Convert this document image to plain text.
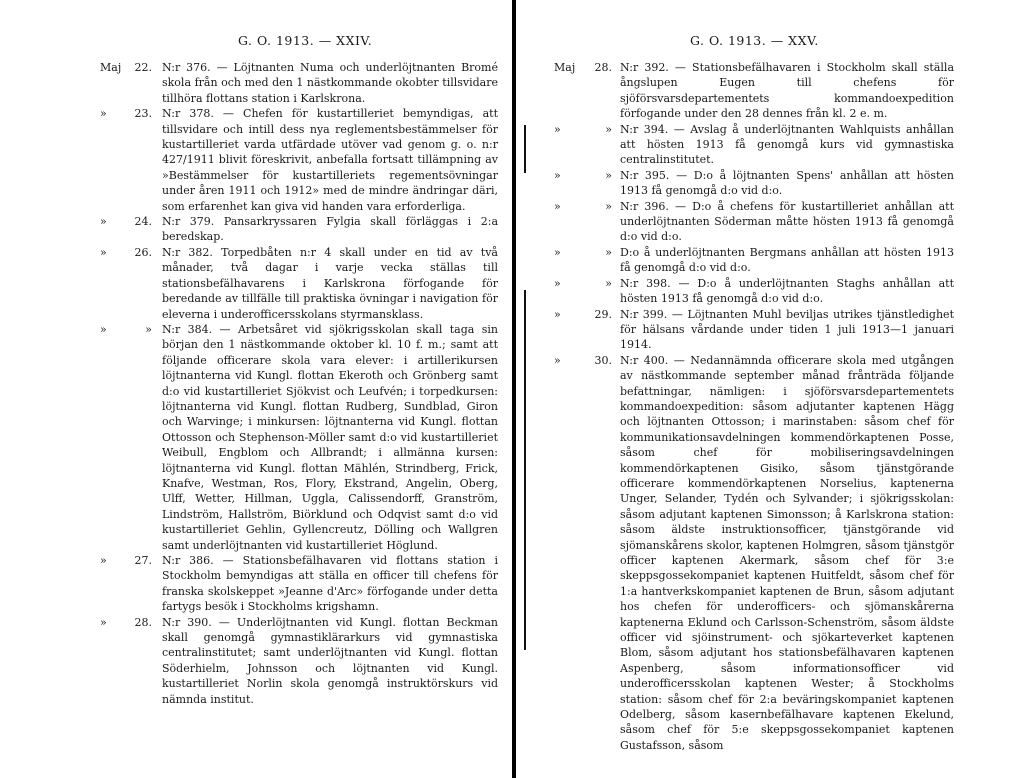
G. O. 1913. — XXIV.
Maj	22. N:r 376. — Löjtnanten Numa och underlöjtnanten Bromé skola från och med den 1 nästkommande okobter tillsvidare tillhöra flottans station i Karlskrona.
»	23. N:r 378. — Chefen för kustartilleriet bemyndigas, att tillsvidare och intill dess nya reglementsbestämmelser för kustartilleriet varda utfärdade utöver vad genom g. o. n:r 427/1911 blivit föreskrivit, anbefalla fortsatt tillämpning av »Bestämmelser för kustartilleriets regementsövningar under åren 1911 och 1912» med de mindre ändringar däri, som erfarenhet kan giva vid handen vara erforderliga.
»	24. N:r 379. Pansarkryssaren Fylgia skall förläggas i 2:a beredskap.
»	26. N:r 382. Torpedbåten n:r 4 skall under en tid av två månader, två dagar i varje vecka ställas till stationsbefälhavarens i Karlskrona förfogande för beredande av tillfälle till praktiska övningar i navigation för eleverna i underofficersskolans styrmansklass.
»	» N:r 384. — Arbetsåret vid sjökrigsskolan skall taga sin början den 1 nästkommande oktober kl. 10 f. m.; samt att följande officerare skola vara elever: i artillerikursen löjtnanterna vid Kungl. flottan Ekeroth och Grönberg samt d:o vid kustartilleriet Sjökvist och Leufvén; i torpedkursen: löjtnanterna vid Kungl. flottan Rudberg, Sundblad, Giron och Warvinge; i minkursen: löjtnanterna vid Kungl. flottan Ottosson och Stephenson-Möller samt d:o vid kustartilleriet Weibull, Engblom och Allbrandt; i allmänna kursen: löjtnanterna vid Kungl. flottan Mählén, Strindberg, Frick, Knafve, Westman, Ros, Flory, Ekstrand, Angelin, Oberg, Ulff, Wetter, Hillman, Uggla, Calissendorff, Granström, Lindström, Hallström, Biörklund och Odqvist samt d:o vid kustartilleriet Gehlin, Gyllencreutz, Dölling och Wallgren samt underlöjtnanten vid kustartilleriet Höglund.
»	27. N:r 386. — Stationsbefälhavaren vid flottans station i Stockholm bemyndigas att ställa en officer till chefens för franska skolskeppet »Jeanne d'Arc» förfogande under detta fartygs besök i Stockholms krigshamn.
»	28. N:r 390. — Underlöjtnanten vid Kungl. flottan Beckman skall genomgå gymnastiklärarkurs vid gymnastiska centralinstitutet; samt underlöjtnanten vid Kungl. flottan Söderhielm, Johnsson och löjtnanten vid Kungl. kustartilleriet Norlin skola genomgå instruktörskurs vid nämnda institut.
G. O. 1913. — XXV.
Maj	28. N:r 392. — Stationsbefälhavaren i Stockholm skall ställa ångslupen Eugen till chefens för sjöförsvarsdepartementets kommandoexpedition förfogande under den 28 dennes från kl. 2 e. m.
»	» N:r 394. — Avslag å underlöjtnanten Wahlquists anhållan att hösten 1913 få genomgå kurs vid gymnastiska centralinstitutet.
»	» N:r 395. — D:o å löjtnanten Spens' anhållan att hösten 1913 få genomgå d:o vid d:o.
»	» N:r 396. — D:o å chefens för kustartilleriet anhållan att underlöjtnanten Söderman måtte hösten 1913 få genomgå d:o vid d:o.
»	» D:o å underlöjtnanten Bergmans anhållan att hösten 1913 få genomgå d:o vid d:o.
»	» N:r 398. — D:o å underlöjtnanten Staghs anhållan att hösten 1913 få genomgå d:o vid d:o.
»	29. N:r 399. — Löjtnanten Muhl beviljas utrikes tjänstledighet för hälsans vårdande under tiden 1 juli 1913—1 januari 1914.
»	30. N:r 400. — Nedannämnda officerare skola med utgången av nästkommande september månad frånträda följande befattningar, nämligen: i sjöförsvarsdepartementets kommandoexpedition: såsom adjutanter kaptenen Hägg och löjtnanten Ottosson; i marinstaben: såsom chef för kommunikationsavdelningen kommendörkaptenen Posse, såsom chef för mobiliseringsavdelningen kommendörkaptenen Gisiko, såsom tjänstgörande officerare kommendörkaptenen Norselius, kaptenerna Unger, Selander, Tydén och Sylvander; i sjökrigsskolan: såsom adjutant kaptenen Simonsson; å Karlskrona station: såsom äldste instruktionsofficer, tjänstgörande vid sjömanskårens skolor, kaptenen Holmgren, såsom tjänstgör officer kaptenen Akermark, såsom chef för 3:e skeppsgossekompaniet kaptenen Huitfeldt, såsom chef för 1:a hantverkskompaniet kaptenen de Brun, såsom adjutant hos chefen för underofficers- och sjömanskårerna kaptenerna Eklund och Carlsson-Schenström, såsom äldste officer vid sjöinstrument- och sjökarteverket kaptenen Blom, såsom adjutant hos stationsbefälhavaren kaptenen Aspenberg, såsom informationsofficer vid underofficersskolan kaptenen Wester; å Stockholms station: såsom chef för 2:a beväringskompaniet kaptenen Odelberg, såsom kasernbefälhavare kaptenen Ekelund, såsom chef för 5:e skeppsgossekompaniet kaptenen Gustafsson, såsom
